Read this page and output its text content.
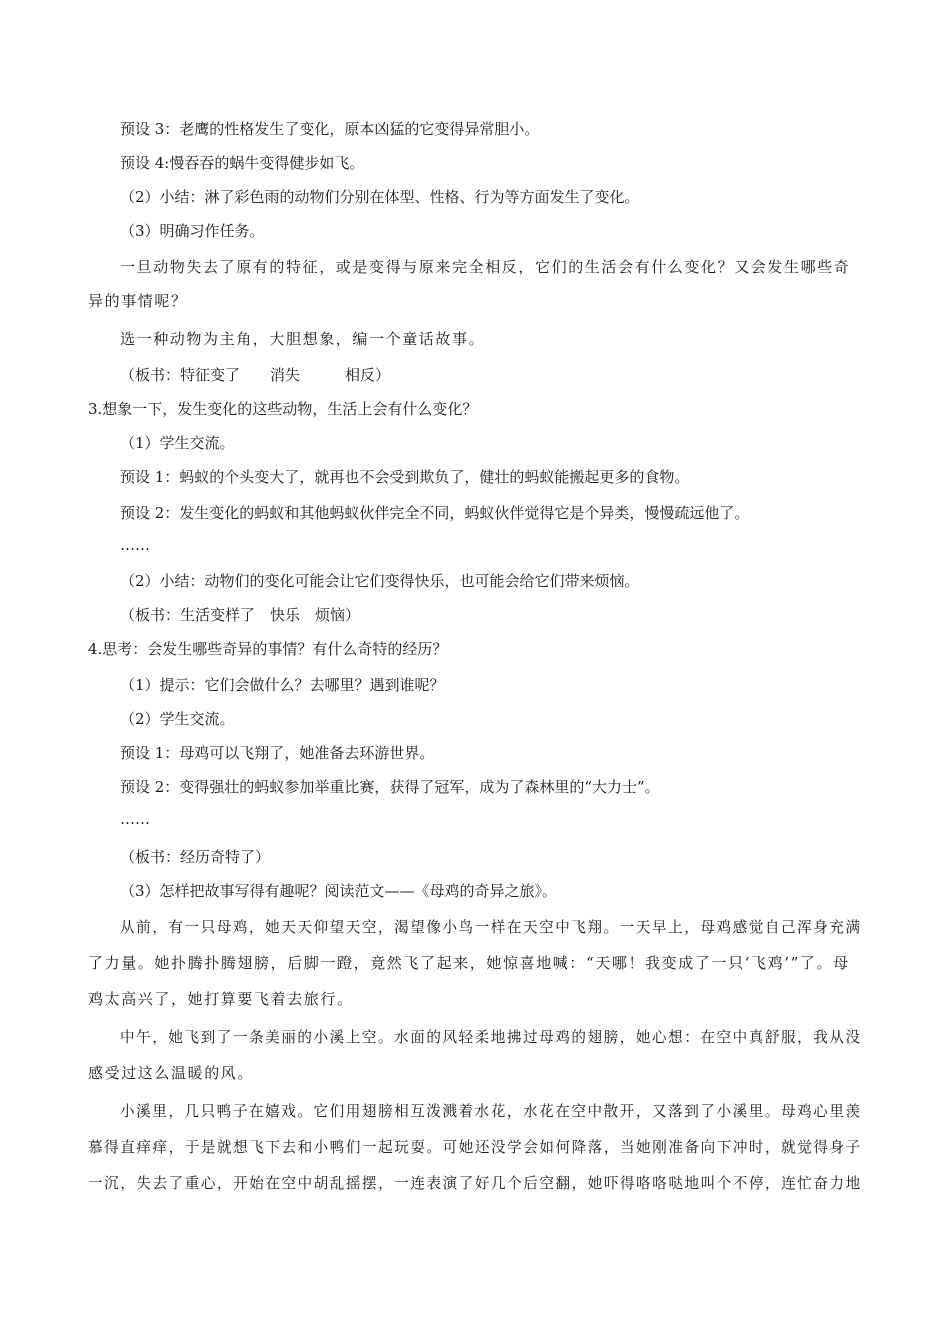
预设 3：老鹰的性格发生了变化，原本凶猛的它变得异常胆小。
预设 4:慢吞吞的蜗牛变得健步如飞。
（2）小结：淋了彩色雨的动物们分别在体型、性格、行为等方面发生了变化。
（3）明确习作任务。
一旦动物失去了原有的特征，或是变得与原来完全相反，它们的生活会有什么变化？又会发生哪些奇
异的事情呢？
选一种动物为主角，大胆想象，编一个童话故事。
（板书：特征变了　　消失　　　相反）
3.想象一下，发生变化的这些动物，生活上会有什么变化？
（1）学生交流。
预设 1：蚂蚁的个头变大了，就再也不会受到欺负了，健壮的蚂蚁能搬起更多的食物。
预设 2：发生变化的蚂蚁和其他蚂蚁伙伴完全不同，蚂蚁伙伴觉得它是个异类，慢慢疏远他了。
……
（2）小结：动物们的变化可能会让它们变得快乐，也可能会给它们带来烦恼。
（板书：生活变样了　快乐　烦恼）
4.思考：会发生哪些奇异的事情？有什么奇特的经历？
（1）提示：它们会做什么？去哪里？遇到谁呢？
（2）学生交流。
预设 1：母鸡可以飞翔了，她准备去环游世界。
预设 2：变得强壮的蚂蚁参加举重比赛，获得了冠军，成为了森林里的“大力士”。
……
（板书：经历奇特了）
（3）怎样把故事写得有趣呢？阅读范文——《母鸡的奇异之旅》。
从前，有一只母鸡，她天天仰望天空，渴望像小鸟一样在天空中飞翔。一天早上，母鸡感觉自己浑身充满
了力量。她扑腾扑腾翅膀，后脚一蹬，竟然飞了起来，她惊喜地喊：“天哪！我变成了一只‘飞鸡’”了。母
鸡太高兴了，她打算要飞着去旅行。
中午，她飞到了一条美丽的小溪上空。水面的风轻柔地拂过母鸡的翅膀，她心想：在空中真舒服，我从没
感受过这么温暖的风。
小溪里，几只鸭子在嬉戏。它们用翅膀相互泼溅着水花，水花在空中散开，又落到了小溪里。母鸡心里羡
慕得直痒痒，于是就想飞下去和小鸭们一起玩耍。可她还没学会如何降落，当她刚准备向下冲时，就觉得身子
一沉，失去了重心，开始在空中胡乱摇摆，一连表演了好几个后空翻，她吓得咯咯哒地叫个不停，连忙奋力地
